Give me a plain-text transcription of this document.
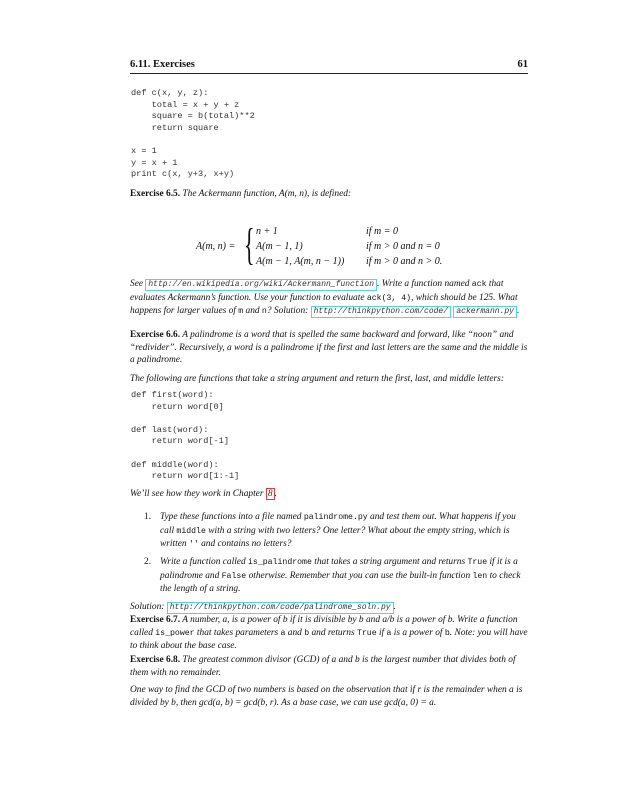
6.11. Exercises	61
def c(x, y, z):
total = x + y + z
square = b(total)**2
return square

x = 1
y = x + 1
print c(x, y+3, x+y)
Exercise 6.5. The Ackermann function, A(m, n), is defined:
A(m, n) = { n + 1	if m = 0
A(m − 1, 1)	if m > 0 and n = 0
A(m − 1, A(m, n − 1)) if m > 0 and n > 0.
See http://en.wikipedia.org/wiki/Ackermann_function . Write a function named ack that evaluates Ackermann’s function. Use your function to evaluate ack(3, 4), which should be 125. What happens for larger values of m and n? Solution: http://thinkpython.com/code/ ackermann.py .
Exercise 6.6. A palindrome is a word that is spelled the same backward and forward, like “noon” and “redivider”. Recursively, a word is a palindrome if the first and last letters are the same and the middle is a palindrome.
The following are functions that take a string argument and return the first, last, and middle letters:
def first(word):
return word[0]

def last(word):
return word[-1]

def middle(word):
return word[1:-1]
We’ll see how they work in Chapter 8 .
1. Type these functions into a file named palindrome.py and test them out. What happens if you call middle with a string with two letters? One letter? What about the empty string, which is written '' and contains no letters?
2. Write a function called is_palindrome that takes a string argument and returns True if it is a palindrome and False otherwise. Remember that you can use the built-in function len to check the length of a string.
Solution: http://thinkpython.com/code/palindrome_soln.py .
Exercise 6.7. A number, a, is a power of b if it is divisible by b and a/b is a power of b. Write a function called is_power that takes parameters a and b and returns True if a is a power of b. Note: you will have to think about the base case.
Exercise 6.8. The greatest common divisor (GCD) of a and b is the largest number that divides both of them with no remainder.
One way to find the GCD of two numbers is based on the observation that if r is the remainder when a is divided by b, then gcd(a, b) = gcd(b, r). As a base case, we can use gcd(a, 0) = a.
